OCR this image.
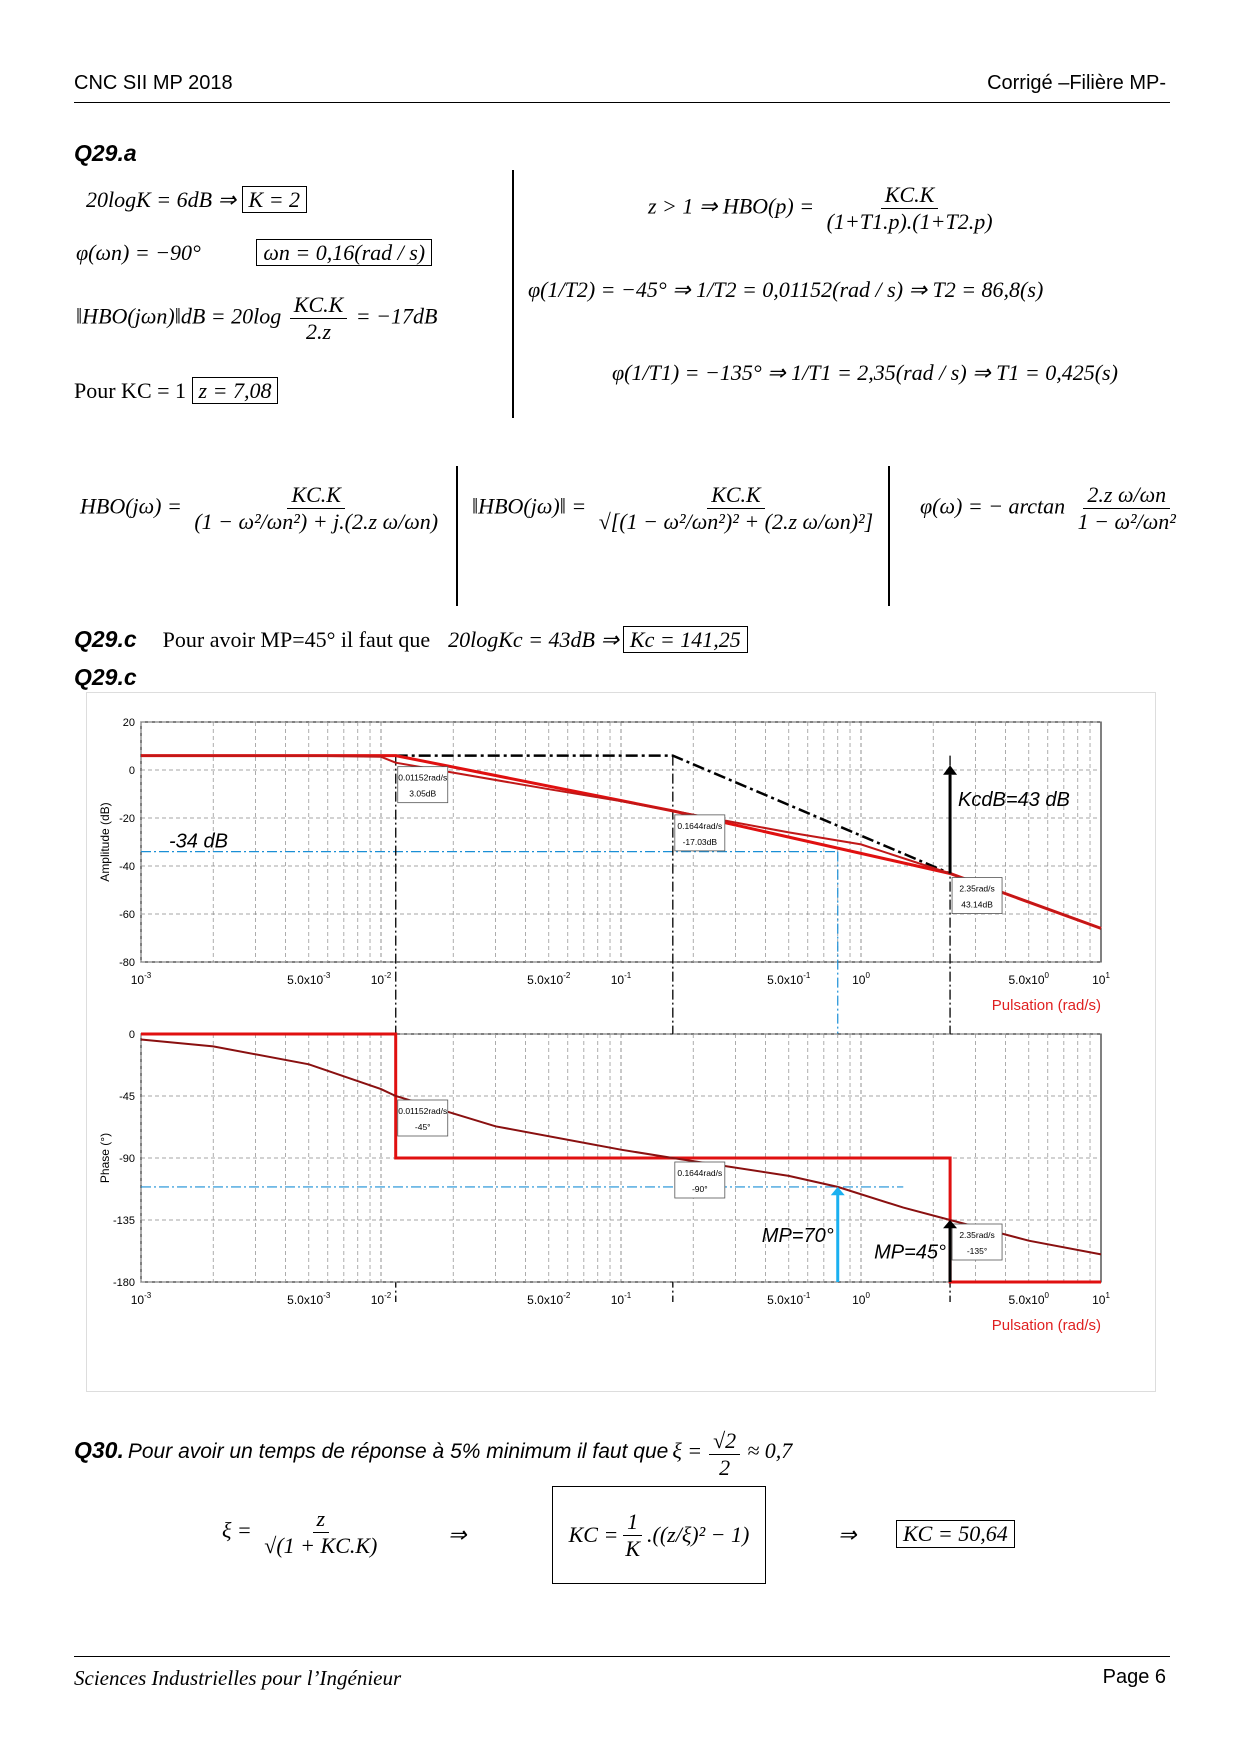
CNC SII MP 2018	Corrigé –Filière MP-
Q29.a
20logK = 6dB ⇒ K = 2
φ(ωn) = −90°	ωn = 0,16(rad / s)
‖HBO(jωn)‖dB = $20\log \frac{KC.K}{2.z} = -17dB$
Pour KC = 1 z = 7,08
z > 1 ⇒ $HBO(p) = \frac{KC.K}{(1+T1.p).(1+T2.p)}$
φ(1/T2) = −45° ⇒ 1/T2 = 0,01152(rad / s) ⇒ T2 = 86,8(s)
φ(1/T1) = −135° ⇒ 1/T1 = 2,35(rad / s) ⇒ T1 = 0,425(s)
$HBO(j\omega) = \frac{KC.K}{\text{(1 − ω²/ωn²) + j.(2.z ω/ωn)}}$ ‖HBO(jω)‖ = $\frac{KC.K}{\text{√[(1 − ω²/ωn²)² + (2.z ω/ωn)²]}} \varphi(\omega)$ = − $\arctan \frac{\text{2.z ω/ωn}}{\text{1 − ω²/ωn²}}$
Q29.c Pour avoir MP=45° il faut que 20logKc = 43dB ⇒ Kc = 141,25
Q29.c
20
0
-20
-40
-60
-80
$10^{-3}$	$5.0x10^{-3}$	$10^{-2}$	$5.0x10^{-2}$	$10^{-1}$	$5.0x10^{-1}$	$10^0$	$5.0x10^0$	$10^1$
Amplitude (dB)
Pulsation (rad/s)
0.01152rad/s
3.05dB
0.1644rad/s
-17.03dB
2.35rad/s
43.14dB
KcdB=43 dB
-34 dB
0
-45
-90
-135
-180
$10^{-3}$	$5.0x10^{-3}$	$10^{-2}$	$5.0x10^{-2}$	$10^{-1}$	$5.0x10^{-1}$	$10^0$	$5.0x10^0$	$10^1$
Phase (°)
Pulsation (rad/s)
0.01152rad/s
-45°
0.1644rad/s
-90°
2.35rad/s
-135°
MP=70°
MP=45°
Q30. Pour avoir un temps de réponse à 5% minimum il faut que $\xi = \frac{√2}{2} \approx 0,7$
$\xi = \frac{z}{√(1 + KC.K)}$	⇒	KC = $\frac{1}{K} .((z/\xi)^2 - 1)$	⇒	KC = 50,64
Sciences Industrielles pour l’Ingénieur	Page 6
